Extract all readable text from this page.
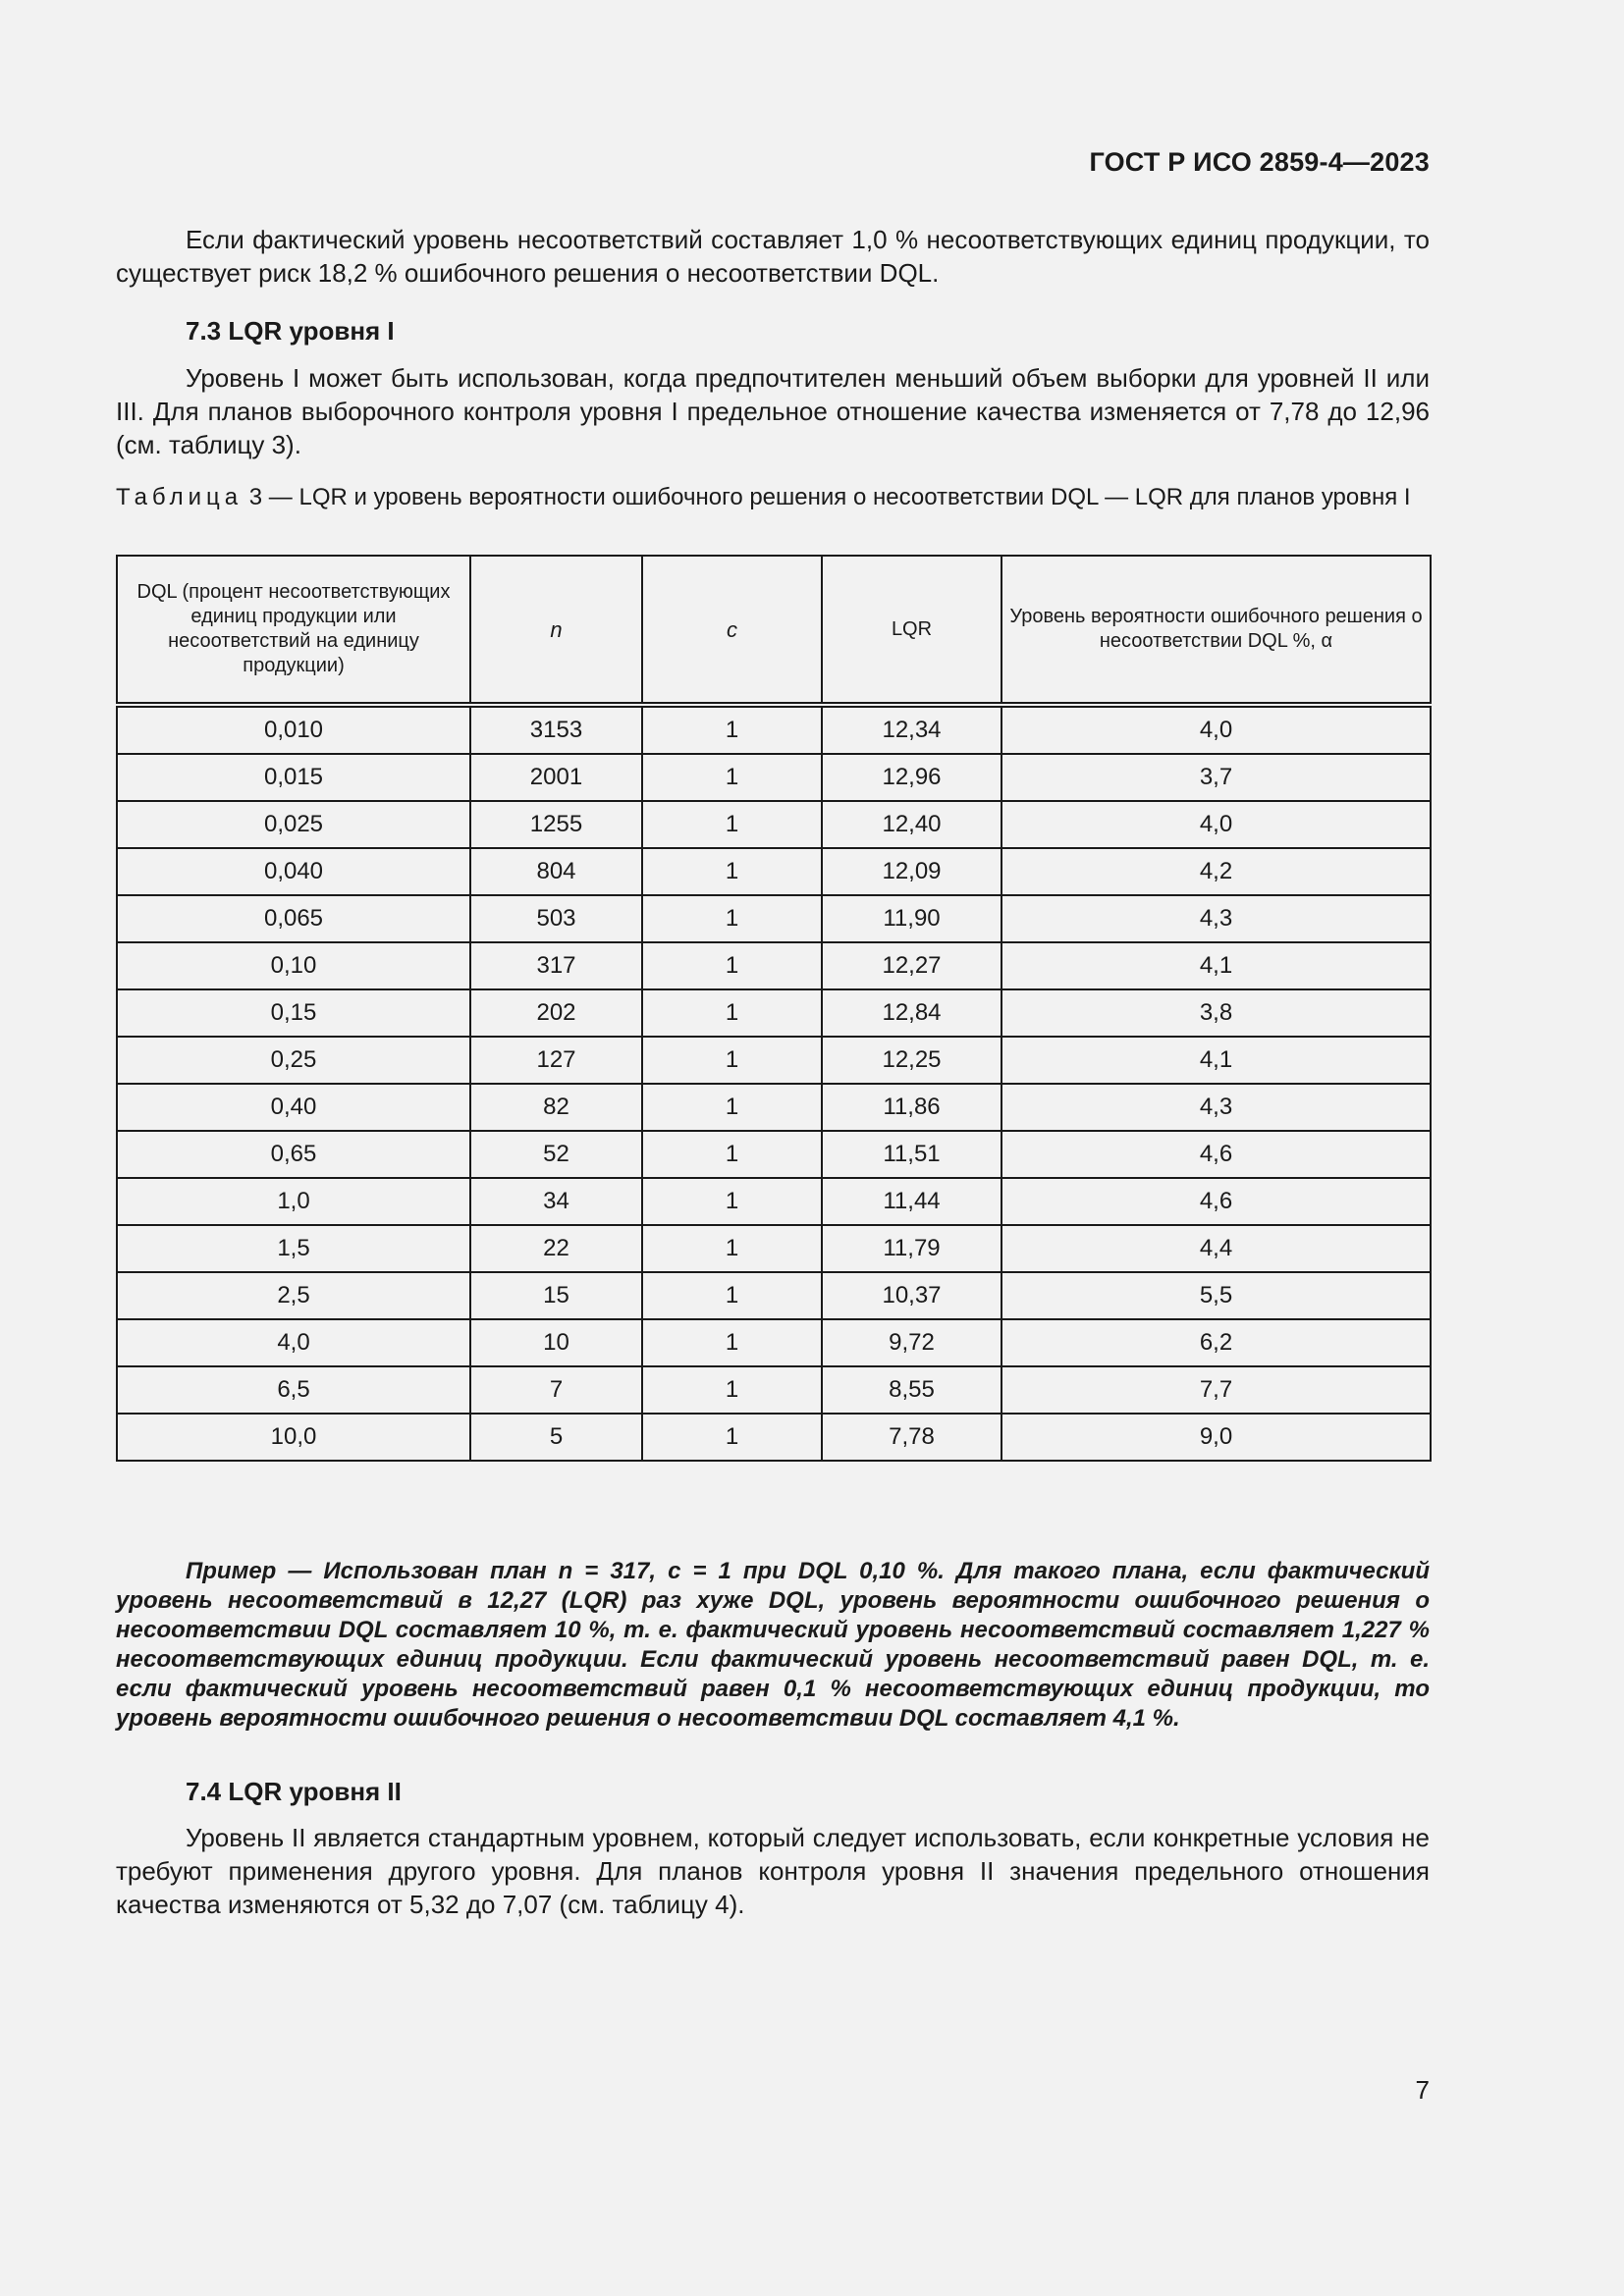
ГОСТ Р ИСО 2859-4—2023

Если фактический уровень несоответствий составляет 1,0 % несоответствующих единиц продукции, то существует риск 18,2 % ошибочного решения о несоответствии DQL.

7.3 LQR уровня I

Уровень I может быть использован, когда предпочтителен меньший объем выборки для уровней II или III. Для планов выборочного контроля уровня I предельное отношение качества изменяется от 7,78 до 12,96 (см. таблицу 3).

Таблица 3 — LQR и уровень вероятности ошибочного решения о несоответствии DQL — LQR для планов уровня I

DQL (процент несоответствующих единиц продукции или несоответствий на единицу продукции)	n	c	LQR	Уровень вероятности ошибочного решения о несоответствии DQL %, α
0,010	3153	1	12,34	4,0
0,015	2001	1	12,96	3,7
0,025	1255	1	12,40	4,0
0,040	804	1	12,09	4,2
0,065	503	1	11,90	4,3
0,10	317	1	12,27	4,1
0,15	202	1	12,84	3,8
0,25	127	1	12,25	4,1
0,40	82	1	11,86	4,3
0,65	52	1	11,51	4,6
1,0	34	1	11,44	4,6
1,5	22	1	11,79	4,4
2,5	15	1	10,37	5,5
4,0	10	1	9,72	6,2
6,5	7	1	8,55	7,7
10,0	5	1	7,78	9,0

Пример — Использован план n = 317, c = 1 при DQL 0,10 %. Для такого плана, если фактический уровень несоответствий в 12,27 (LQR) раз хуже DQL, уровень вероятности ошибочного решения о несоответствии DQL составляет 10 %, т. е. фактический уровень несоответствий составляет 1,227 % несоответствующих единиц продукции. Если фактический уровень несоответствий равен DQL, т. е. если фактический уровень несоответствий равен 0,1 % несоответствующих единиц продукции, то уровень вероятности ошибочного решения о несоответствии DQL составляет 4,1 %.

7.4 LQR уровня II

Уровень II является стандартным уровнем, который следует использовать, если конкретные условия не требуют применения другого уровня. Для планов контроля уровня II значения предельного отношения качества изменяются от 5,32 до 7,07 (см. таблицу 4).

7
